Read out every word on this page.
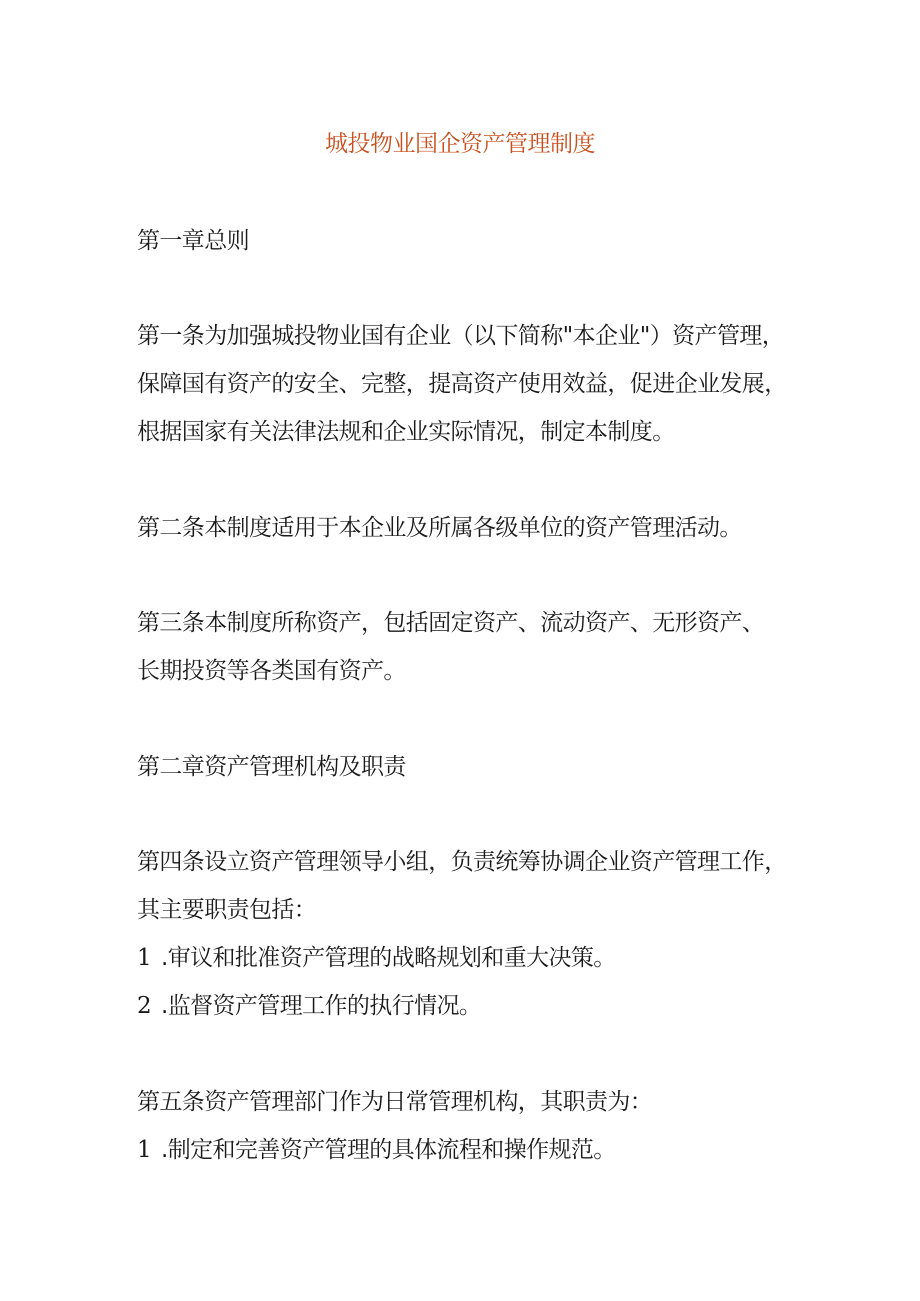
城投物业国企资产管理制度
第一章总则
第一条为加强城投物业国有企业（以下简称"本企业"）资产管理，
保障国有资产的安全、完整，提高资产使用效益，促进企业发展，
根据国家有关法律法规和企业实际情况，制定本制度。
第二条本制度适用于本企业及所属各级单位的资产管理活动。
第三条本制度所称资产，包括固定资产、流动资产、无形资产、
长期投资等各类国有资产。
第二章资产管理机构及职责
第四条设立资产管理领导小组，负责统筹协调企业资产管理工作，
其主要职责包括：
1 .审议和批准资产管理的战略规划和重大决策。
2 .监督资产管理工作的执行情况。
第五条资产管理部门作为日常管理机构，其职责为：
1 .制定和完善资产管理的具体流程和操作规范。
